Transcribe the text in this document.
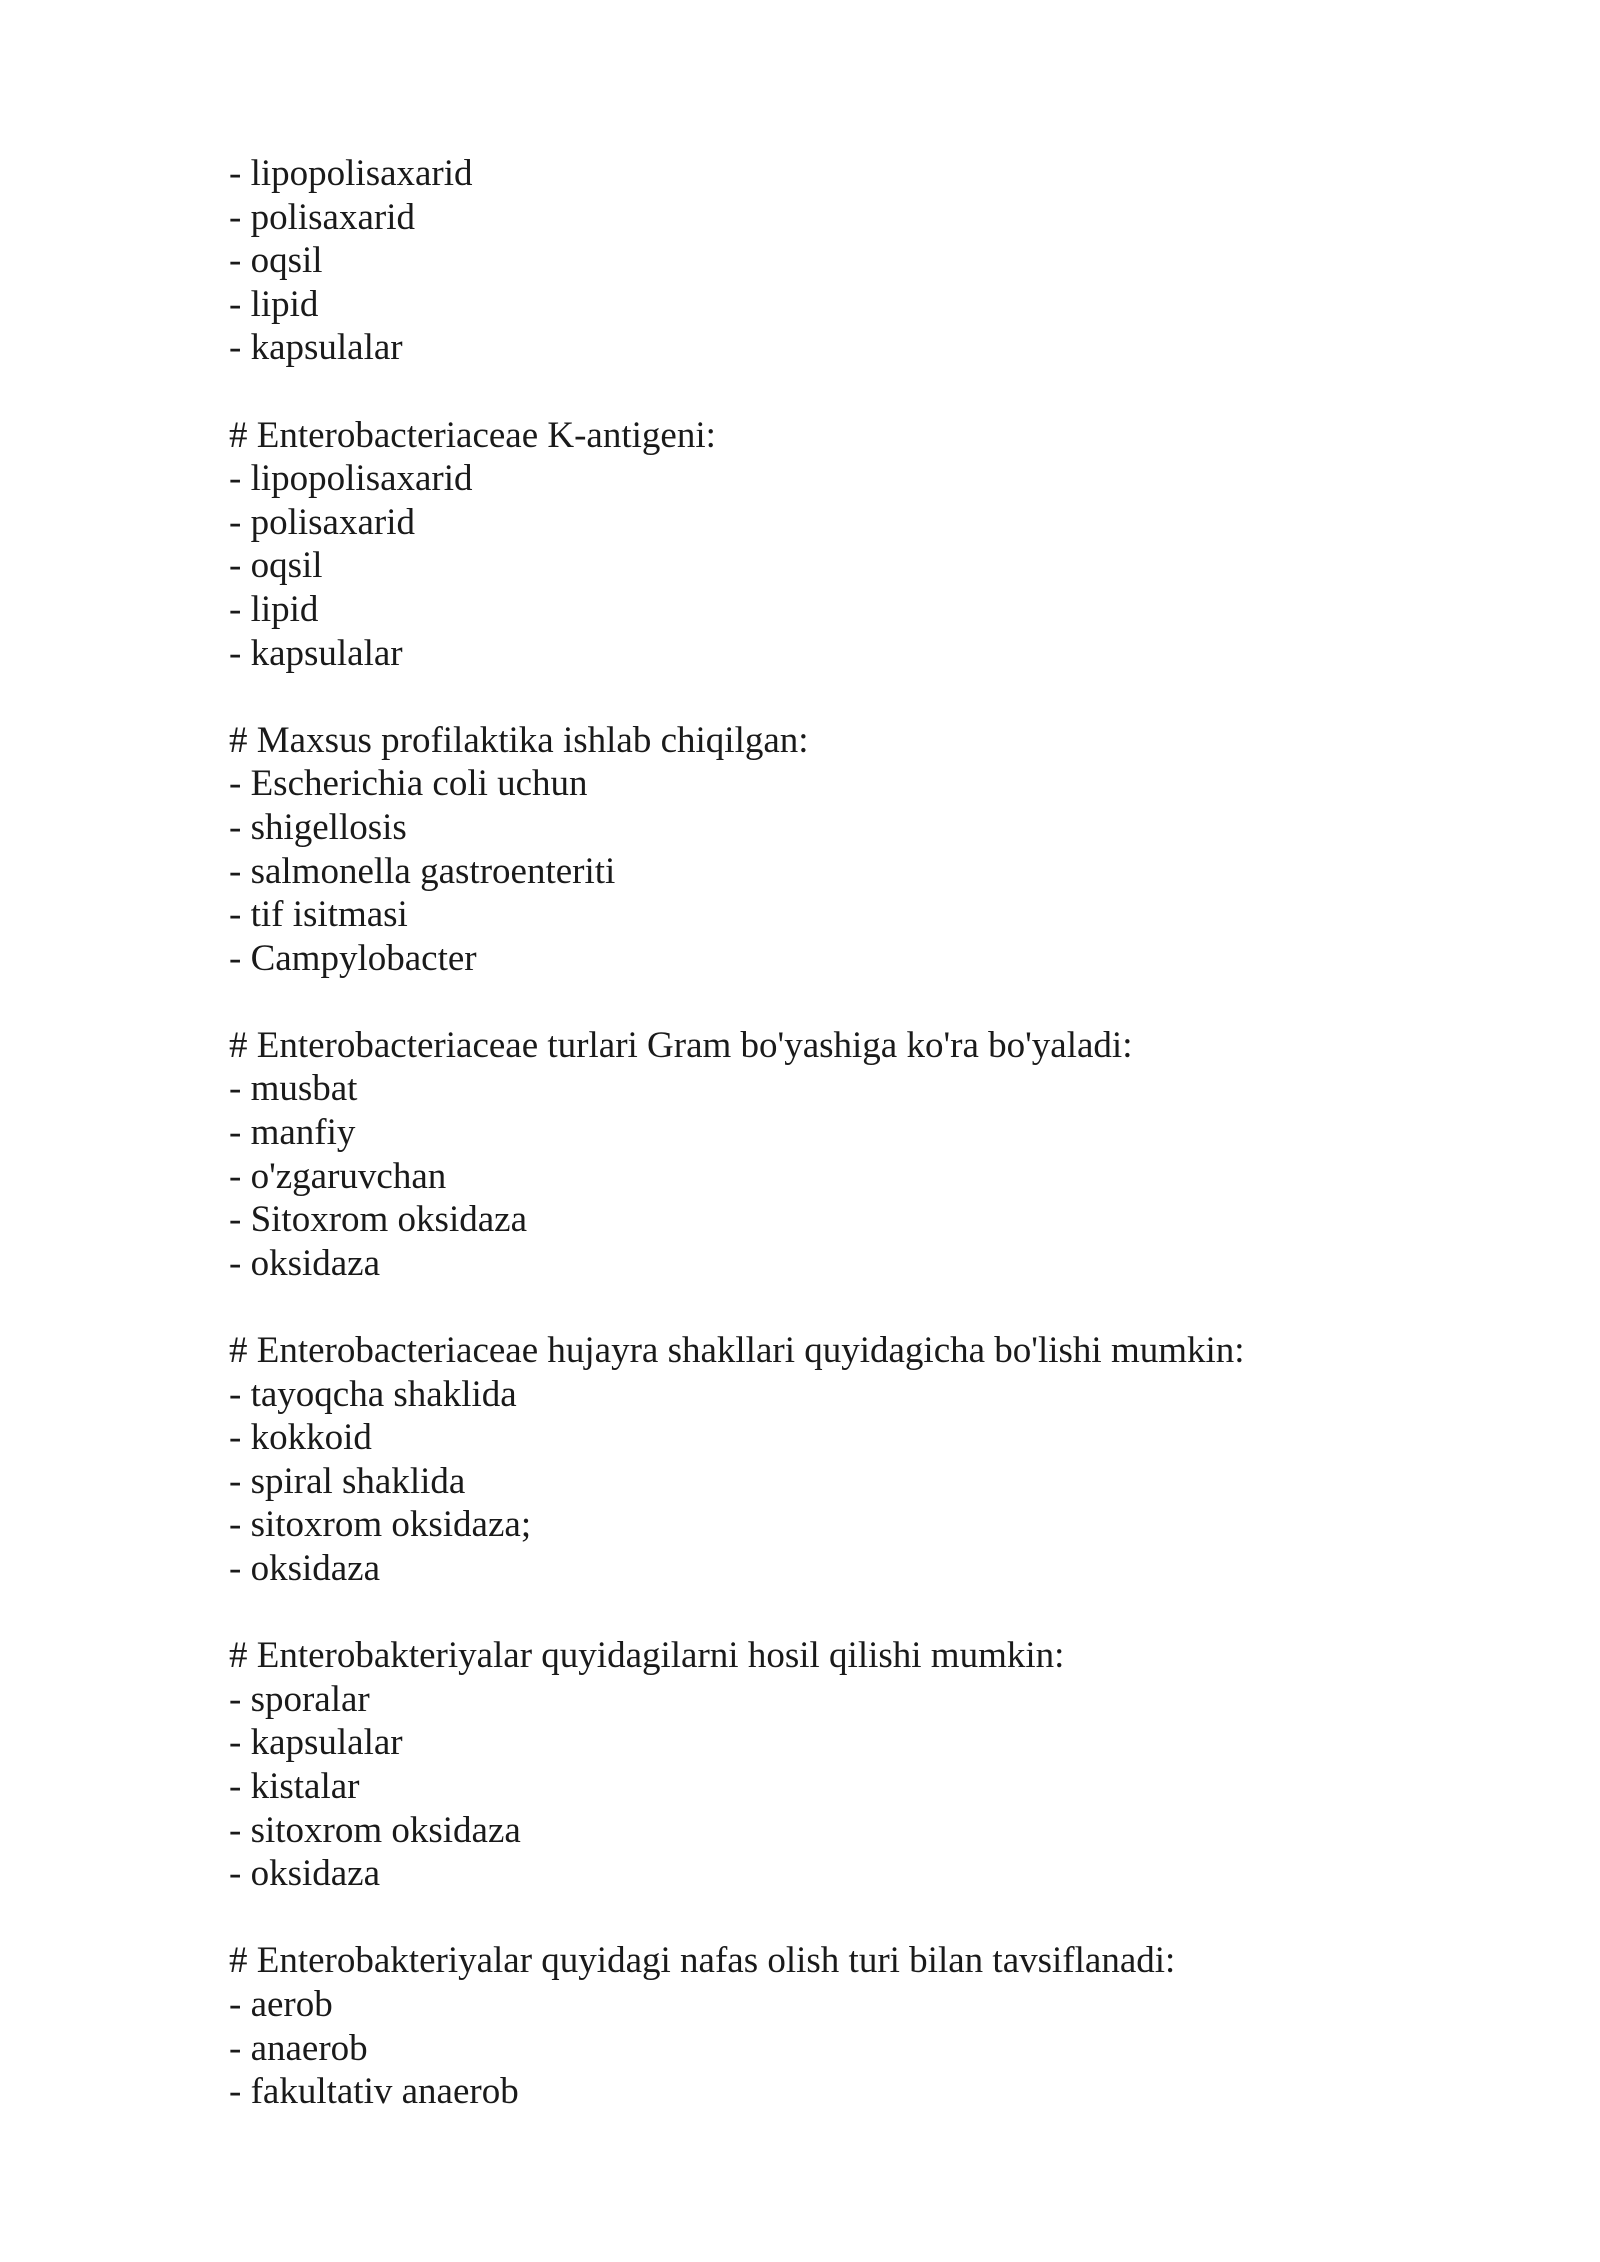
- lipopolisaxarid
- polisaxarid
- oqsil
- lipid
- kapsulalar
# Enterobacteriaceae K-antigeni:
- lipopolisaxarid
- polisaxarid
- oqsil
- lipid
- kapsulalar
# Maxsus profilaktika ishlab chiqilgan:
- Escherichia coli uchun
- shigellosis
- salmonella gastroenteriti
- tif isitmasi
- Campylobacter
# Enterobacteriaceae turlari Gram bo'yashiga ko'ra bo'yaladi:
- musbat
- manfiy
- o'zgaruvchan
- Sitoxrom oksidaza
- oksidaza
# Enterobacteriaceae hujayra shakllari quyidagicha bo'lishi mumkin:
- tayoqcha shaklida
- kokkoid
- spiral shaklida
- sitoxrom oksidaza;
- oksidaza
# Enterobakteriyalar quyidagilarni hosil qilishi mumkin:
- sporalar
- kapsulalar
- kistalar
- sitoxrom oksidaza
- oksidaza
# Enterobakteriyalar quyidagi nafas olish turi bilan tavsiflanadi:
- aerob
- anaerob
- fakultativ anaerob
